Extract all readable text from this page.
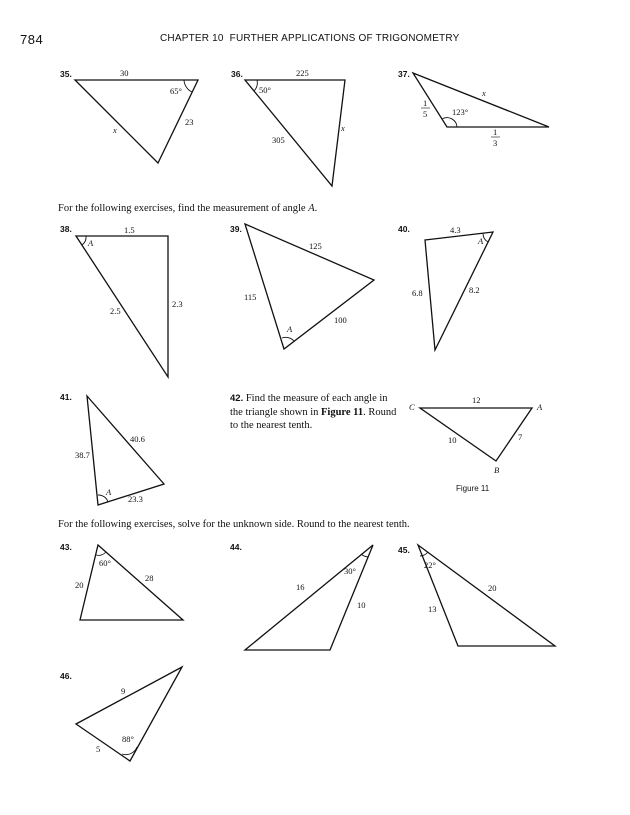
784	CHAPTER 10 FURTHER APPLICATIONS OF TRIGONOMETRY
For the following exercises, find the measurement of angle A.
For the following exercises, solve for the unknown side. Round to the nearest tenth.
42. Find the measure of each angle in the triangle shown in Figure 11. Round to the nearest tenth.
Figure 11
35.	30
65°
23
x
36.	225
50°
305
x
37.
x
123°
1
5
1
3
38.
A
1.5
2.5
2.3
39.
125
115
100
A
40.	4.3
A
6.8	8.2
41.
40.6
38.7
A
23.3
C	A
B
12
10	7
43.
60°
20
28
44.
30°
16
10
45.
22°
13
20
46.
9
5
88°
